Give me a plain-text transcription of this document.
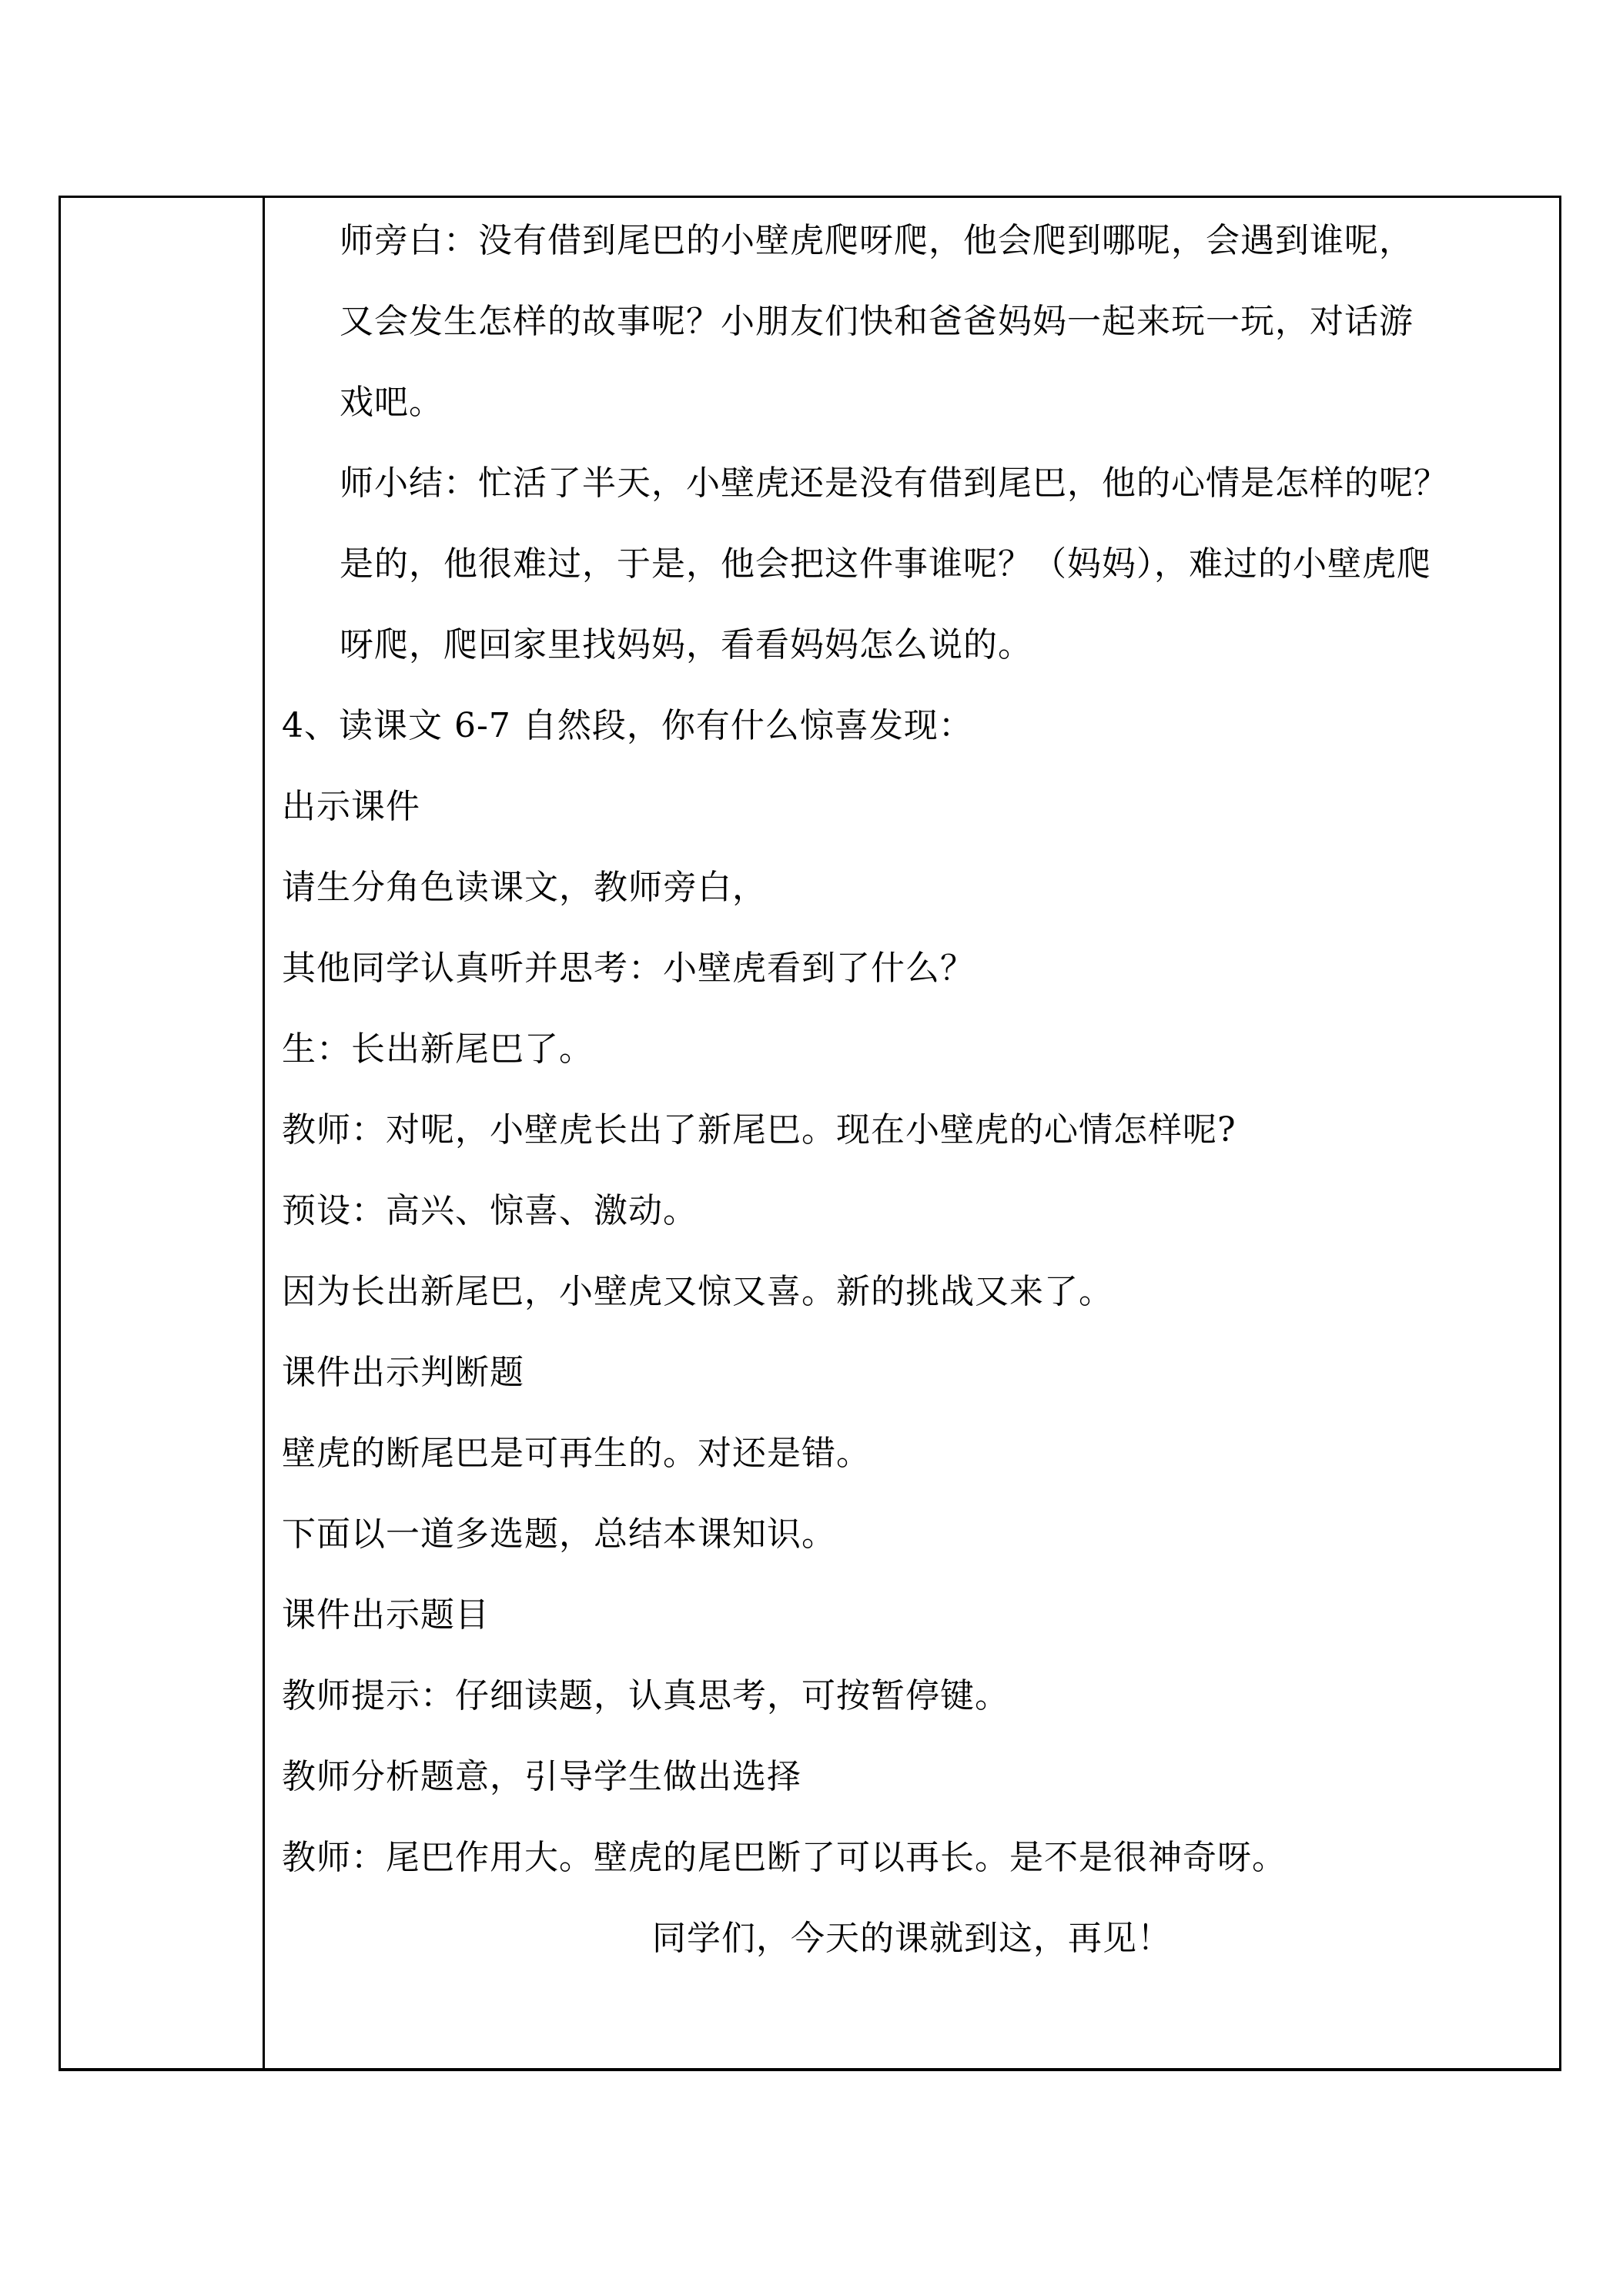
师旁白：没有借到尾巴的小壁虎爬呀爬，他会爬到哪呢，会遇到谁呢，
又会发生怎样的故事呢？小朋友们快和爸爸妈妈一起来玩一玩，对话游
戏吧。
师小结：忙活了半天，小壁虎还是没有借到尾巴，他的心情是怎样的呢？
是的，他很难过，于是，他会把这件事谁呢？（妈妈），难过的小壁虎爬
呀爬，爬回家里找妈妈，看看妈妈怎么说的。
4、读课文 6-7 自然段，你有什么惊喜发现：
出示课件
请生分角色读课文，教师旁白，
其他同学认真听并思考：小壁虎看到了什么？
生：长出新尾巴了。
教师：对呢，小壁虎长出了新尾巴。现在小壁虎的心情怎样呢?
预设：高兴、惊喜、激动。
因为长出新尾巴，小壁虎又惊又喜。新的挑战又来了。
课件出示判断题
壁虎的断尾巴是可再生的。对还是错。
下面以一道多选题，总结本课知识。
课件出示题目
教师提示：仔细读题，认真思考，可按暂停键。
教师分析题意，引导学生做出选择
教师：尾巴作用大。壁虎的尾巴断了可以再长。是不是很神奇呀。
同学们，今天的课就到这，再见！
